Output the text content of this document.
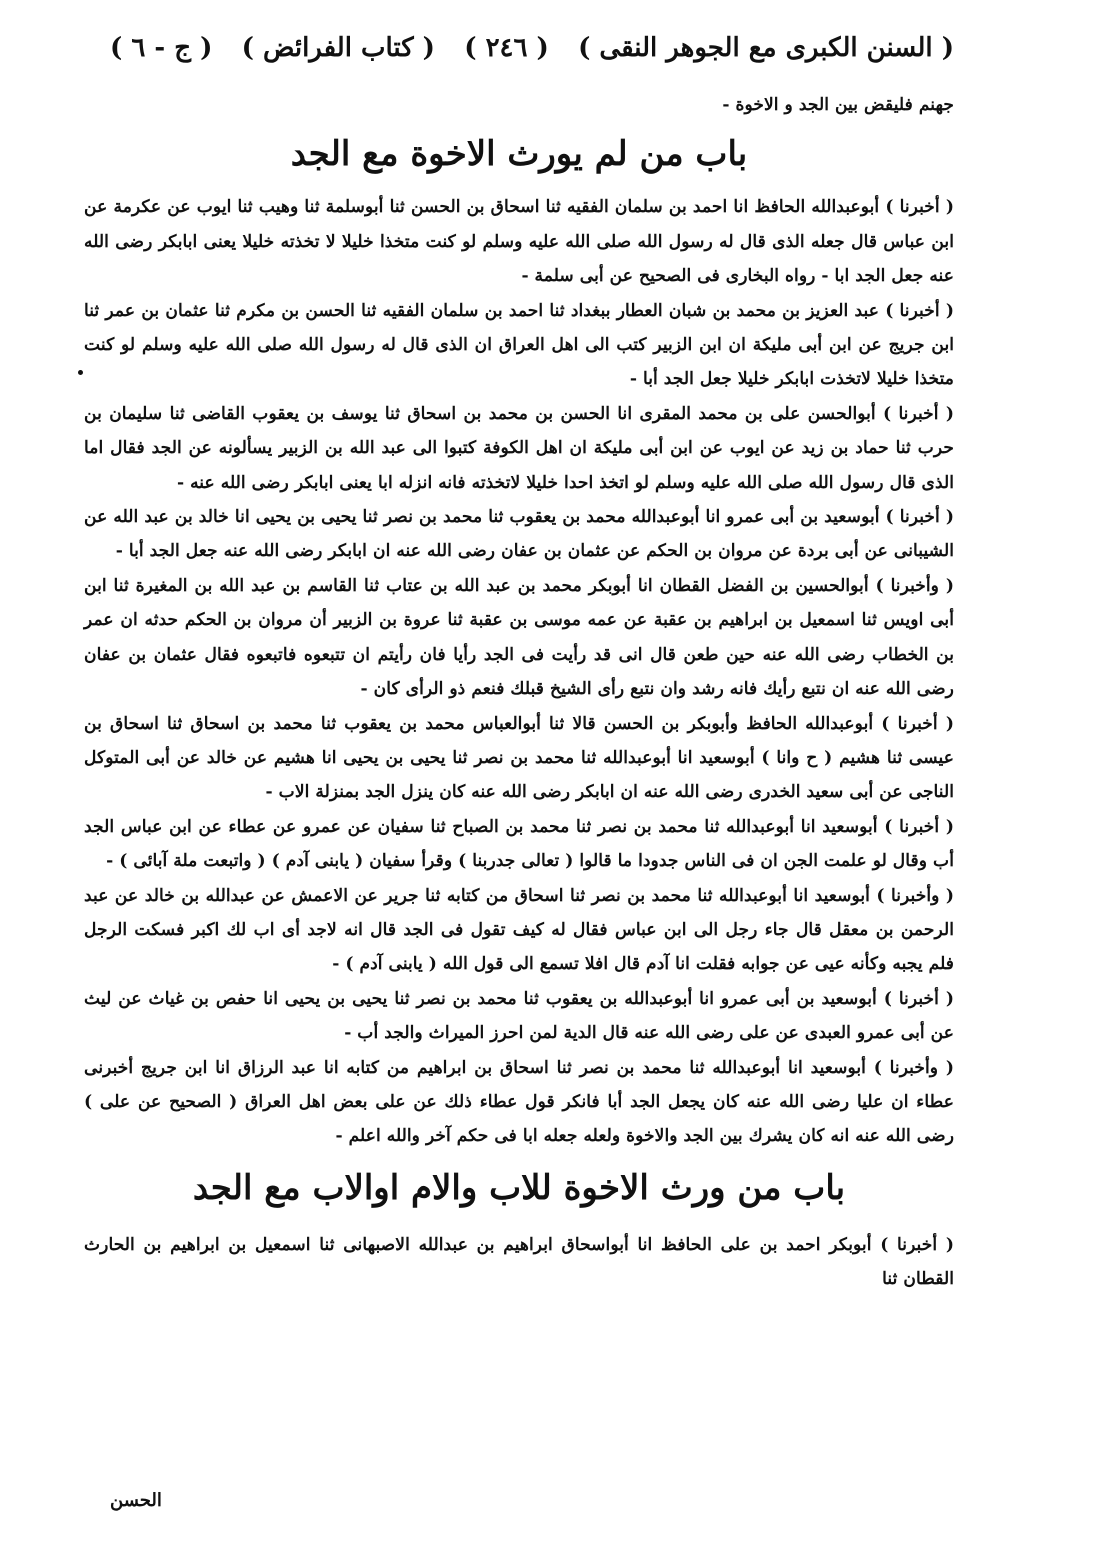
( السنن الكبرى مع الجوهر النقى )
( ٢٤٦ )
( كتاب الفرائض )
( ج - ٦ )

جهنم فليقض بين الجد و الاخوة -

باب من لم يورث الاخوة مع الجد

( أخبرنا ) أبوعبدالله الحافظ انا احمد بن سلمان الفقيه ثنا اسحاق بن الحسن ثنا أبوسلمة ثنا وهيب ثنا ايوب عن عكرمة عن ابن عباس قال جعله الذى قال له رسول الله صلى الله عليه وسلم لو كنت متخذا خليلا لا تخذته خليلا يعنى ابابكر رضى الله عنه جعل الجد ابا - رواه البخارى فى الصحيح عن أبى سلمة -

( أخبرنا ) عبد العزيز بن محمد بن شبان العطار ببغداد ثنا احمد بن سلمان الفقيه ثنا الحسن بن مكرم ثنا عثمان بن عمر ثنا ابن جريج عن ابن أبى مليكة ان ابن الزبير كتب الى اهل العراق ان الذى قال له رسول الله صلى الله عليه وسلم لو كنت متخذا خليلا لاتخذت ابابكر خليلا جعل الجد أبا -

( أخبرنا ) أبوالحسن على بن محمد المقرى انا الحسن بن محمد بن اسحاق ثنا يوسف بن يعقوب القاضى ثنا سليمان بن حرب ثنا حماد بن زيد عن ايوب عن ابن أبى مليكة ان اهل الكوفة كتبوا الى عبد الله بن الزبير يسألونه عن الجد فقال اما الذى قال رسول الله صلى الله عليه وسلم لو اتخذ احدا خليلا لاتخذته فانه انزله ابا يعنى ابابكر رضى الله عنه -

( أخبرنا ) أبوسعيد بن أبى عمرو انا أبوعبدالله محمد بن يعقوب ثنا محمد بن نصر ثنا يحيى بن يحيى انا خالد بن عبد الله عن الشيبانى عن أبى بردة عن مروان بن الحكم عن عثمان بن عفان رضى الله عنه ان ابابكر رضى الله عنه جعل الجد أبا -

( وأخبرنا ) أبوالحسين بن الفضل القطان انا أبوبكر محمد بن عبد الله بن عتاب ثنا القاسم بن عبد الله بن المغيرة ثنا ابن أبى اويس ثنا اسمعيل بن ابراهيم بن عقبة عن عمه موسى بن عقبة ثنا عروة بن الزبير أن مروان بن الحكم حدثه ان عمر بن الخطاب رضى الله عنه حين طعن قال انى قد رأيت فى الجد رأيا فان رأيتم ان تتبعوه فاتبعوه فقال عثمان بن عفان رضى الله عنه ان نتبع رأيك فانه رشد وان نتبع رأى الشيخ قبلك فنعم ذو الرأى كان -

( أخبرنا ) أبوعبدالله الحافظ وأبوبكر بن الحسن قالا ثنا أبوالعباس محمد بن يعقوب ثنا محمد بن اسحاق ثنا اسحاق بن عيسى ثنا هشيم ( ح وانا ) أبوسعيد انا أبوعبدالله ثنا محمد بن نصر ثنا يحيى بن يحيى انا هشيم عن خالد عن أبى المتوكل الناجى عن أبى سعيد الخدرى رضى الله عنه ان ابابكر رضى الله عنه كان ينزل الجد بمنزلة الاب -

( أخبرنا ) أبوسعيد انا أبوعبدالله ثنا محمد بن نصر ثنا محمد بن الصباح ثنا سفيان عن عمرو عن عطاء عن ابن عباس الجد أب وقال لو علمت الجن ان فى الناس جدودا ما قالوا ( تعالى جدربنا ) وقرأ سفيان ( يابنى آدم ) ( واتبعت ملة آبائى ) -

( وأخبرنا ) أبوسعيد انا أبوعبدالله ثنا محمد بن نصر ثنا اسحاق من كتابه ثنا جرير عن الاعمش عن عبدالله بن خالد عن عبد الرحمن بن معقل قال جاء رجل الى ابن عباس فقال له كيف تقول فى الجد قال انه لاجد أى اب لك اكبر فسكت الرجل فلم يجبه وكأنه عيى عن جوابه فقلت انا آدم قال افلا تسمع الى قول الله ( يابنى آدم ) -

( أخبرنا ) أبوسعيد بن أبى عمرو انا أبوعبدالله بن يعقوب ثنا محمد بن نصر ثنا يحيى بن يحيى انا حفص بن غياث عن ليث عن أبى عمرو العبدى عن على رضى الله عنه قال الدية لمن احرز الميراث والجد أب -

( وأخبرنا ) أبوسعيد انا أبوعبدالله ثنا محمد بن نصر ثنا اسحاق بن ابراهيم من كتابه انا عبد الرزاق انا ابن جريج أخبرنى عطاء ان عليا رضى الله عنه كان يجعل الجد أبا فانكر قول عطاء ذلك عن على بعض اهل العراق ( الصحيح عن على ) رضى الله عنه انه كان يشرك بين الجد والاخوة ولعله جعله ابا فى حكم آخر والله اعلم -

باب من ورث الاخوة للاب والام اوالاب مع الجد

( أخبرنا ) أبوبكر احمد بن على الحافظ انا أبواسحاق ابراهيم بن عبدالله الاصبهانى ثنا اسمعيل بن ابراهيم بن الحارث القطان ثنا

الحسن
